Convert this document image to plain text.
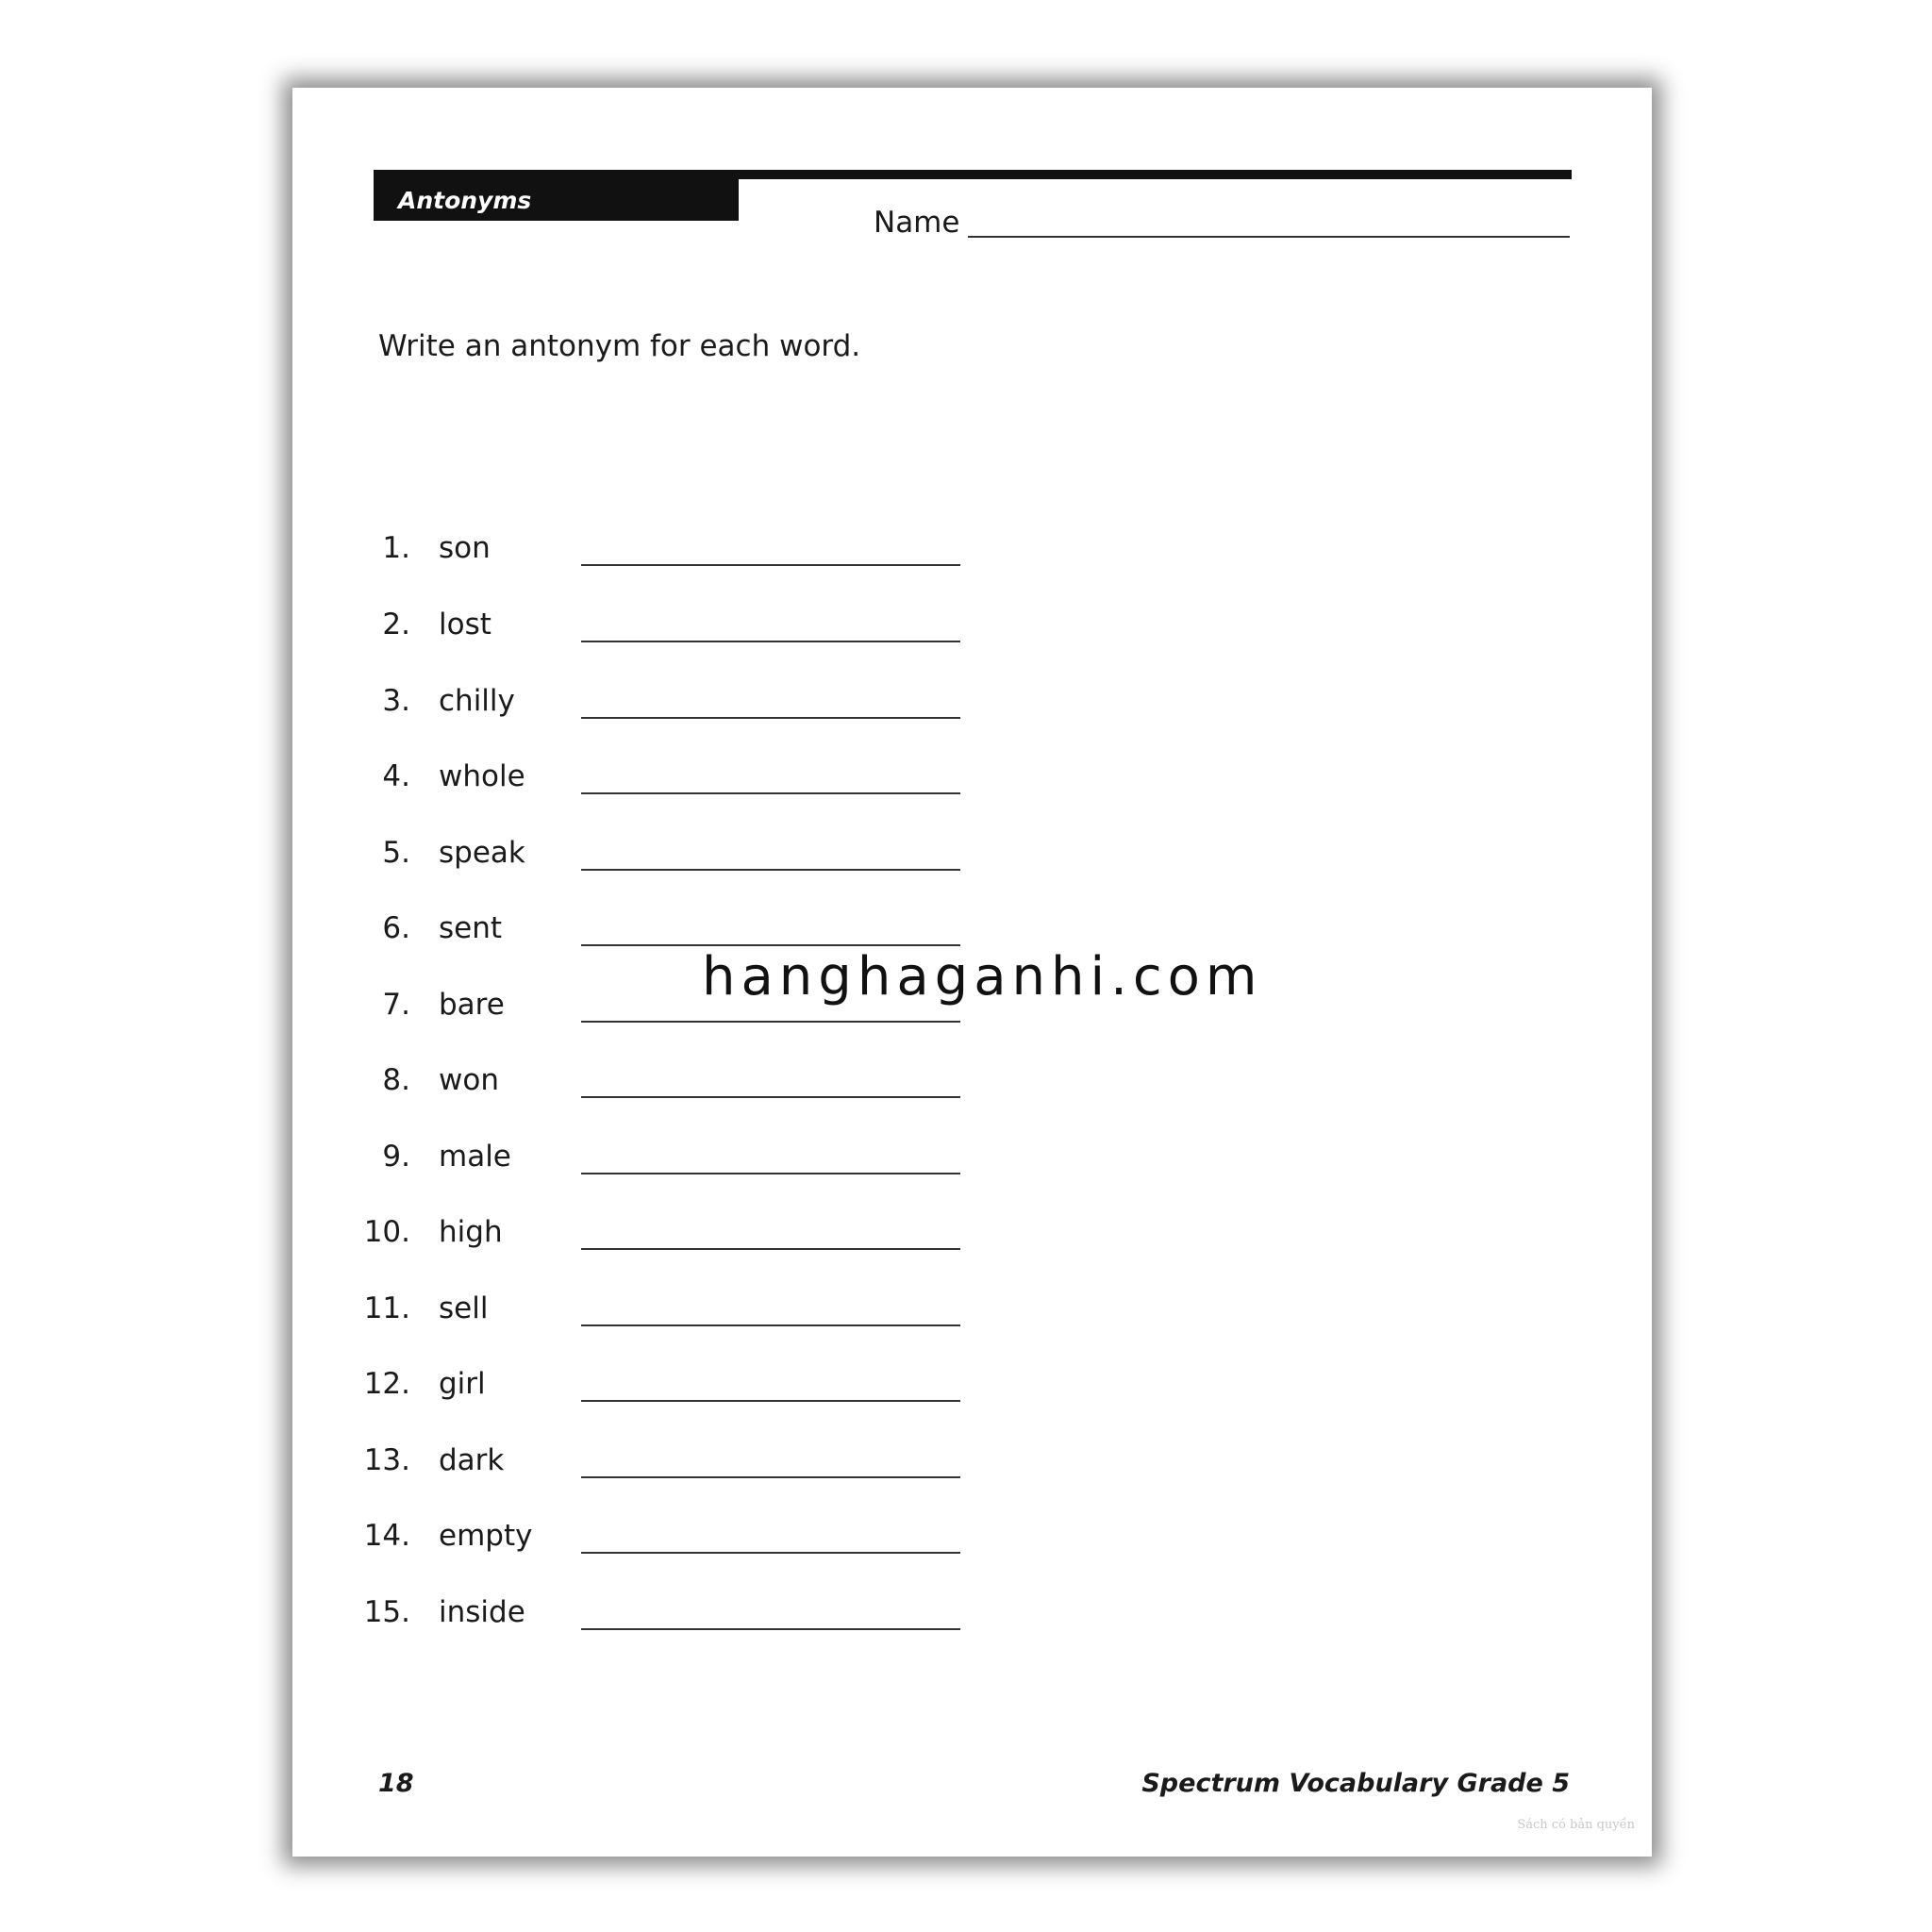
Antonyms
Name
Write an antonym for each word.
1. son
2. lost
3. chilly
4. whole
5. speak
6. sent
7. bare
8. won
9. male
10. high
11. sell
12. girl
13. dark
14. empty
15. inside
hanghaganhi.com
18	Spectrum Vocabulary Grade 5
Sách có bản quyền
